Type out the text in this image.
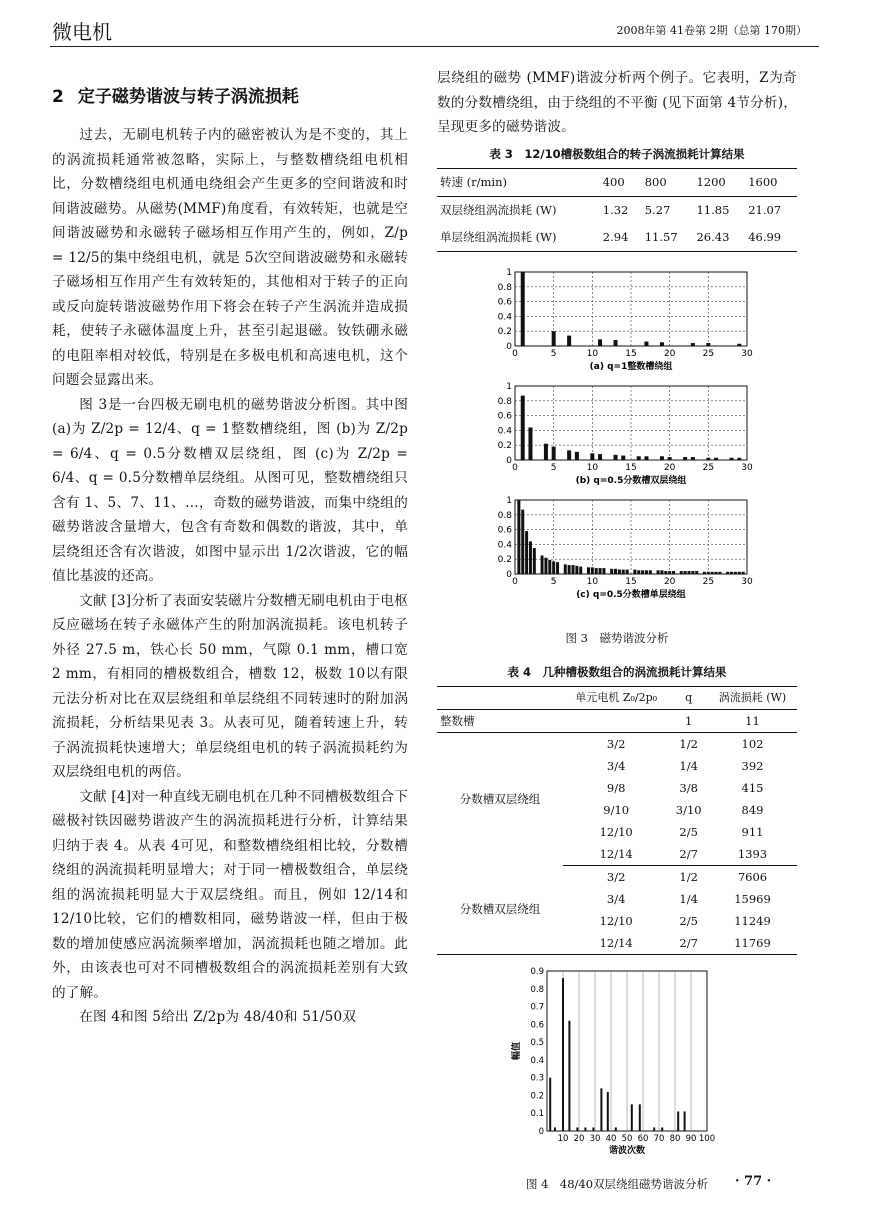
微电机	2008年第 41卷第 2期（总第 170期）
2 定子磁势谐波与转子涡流损耗

过去，无刷电机转子内的磁密被认为是不变的，其上的涡流损耗通常被忽略，实际上，与整数槽绕组电机相比，分数槽绕组电机通电绕组会产生更多的空间谐波和时间谐波磁势。从磁势(MMF)角度看，有效转矩，也就是空间谐波磁势和永磁转子磁场相互作用产生的，例如，Z/p = 12/5的集中绕组电机，就是 5次空间谐波磁势和永磁转子磁场相互作用产生有效转矩的，其他相对于转子的正向或反向旋转谐波磁势作用下将会在转子产生涡流并造成损耗，使转子永磁体温度上升，甚至引起退磁。钕铁硼永磁的电阻率相对较低，特别是在多极电机和高速电机，这个问题会显露出来。

图 3是一台四极无刷电机的磁势谐波分析图。其中图 (a)为 Z/2p = 12/4、q = 1整数槽绕组，图 (b)为 Z/2p = 6/4、q = 0.5分数槽双层绕组，图 (c)为 Z/2p = 6/4、q = 0.5分数槽单层绕组。从图可见，整数槽绕组只含有 1、5、7、11、…，奇数的磁势谐波，而集中绕组的磁势谐波含量增大，包含有奇数和偶数的谐波，其中，单层绕组还含有次谐波，如图中显示出 1/2次谐波，它的幅值比基波的还高。

文献 [3]分析了表面安装磁片分数槽无刷电机由于电枢反应磁场在转子永磁体产生的附加涡流损耗。该电机转子外径 27.5 m，铁心长 50 mm，气隙 0.1 mm，槽口宽 2 mm，有相同的槽极数组合，槽数 12，极数 10以有限元法分析对比在双层绕组和单层绕组不同转速时的附加涡流损耗，分析结果见表 3。从表可见，随着转速上升，转子涡流损耗快速增大；单层绕组电机的转子涡流损耗约为双层绕组电机的两倍。

文献 [4]对一种直线无刷电机在几种不同槽极数组合下磁极衬铁因磁势谐波产生的涡流损耗进行分析，计算结果归纳于表 4。从表 4可见，和整数槽绕组相比较，分数槽绕组的涡流损耗明显增大；对于同一槽极数组合，单层绕组的涡流损耗明显大于双层绕组。而且，例如 12/14和 12/10比较，它们的槽数相同，磁势谐波一样，但由于极数的增加使感应涡流频率增加，涡流损耗也随之增加。此外，由该表也可对不同槽极数组合的涡流损耗差别有大致的了解。

在图 4和图 5给出 Z/2p为 48/40和 51/50双

层绕组的磁势 (MMF)谐波分析两个例子。它表明，Z为奇数的分数槽绕组，由于绕组的不平衡 (见下面第 4节分析)，呈现更多的磁势谐波。

表 3　12/10槽极数组合的转子涡流损耗计算结果
转速 (r/min)	400	800	1200	1600
双层绕组涡流损耗 (W)	1.32	5.27	11.85	21.07
单层绕组涡流损耗 (W)	2.94	11.57	26.43	46.99
0
0.2
0.4
0.6
0.8
1
0	5	10	15	20	25	30
(a) q=1整数槽绕组

0
0.2
0.4
0.6
0.8
1
0	5	10	15	20	25	30
(b) q=0.5分数槽双层绕组

0
0.2
0.4
0.6
0.8
1
0	5	10	15	20	25	30
(c) q=0.5分数槽单层绕组
图 3　磁势谐波分析
表 4　几种槽极数组合的涡流损耗计算结果
	单元电机 Z₀/2p₀	q	涡流损耗 (W)
整数槽		1	11
分数槽双层绕组	3/2	1/2	102
	3/4	1/4	392
	9/8	3/8	415
	9/10	3/10	849
	12/10	2/5	911
	12/14	2/7	1393
分数槽双层绕组	3/2	1/2	7606
	3/4	1/4	15969
	12/10	2/5	11249
	12/14	2/7	11769
10 20 30 40 50 60 70 80 90 100
0
0.1
0.2
0.3
0.4
0.5
0.6
0.7
0.8
0.9
谐波次数
幅值
图 4　48/40双层绕组磁势谐波分析	· 77 ·
